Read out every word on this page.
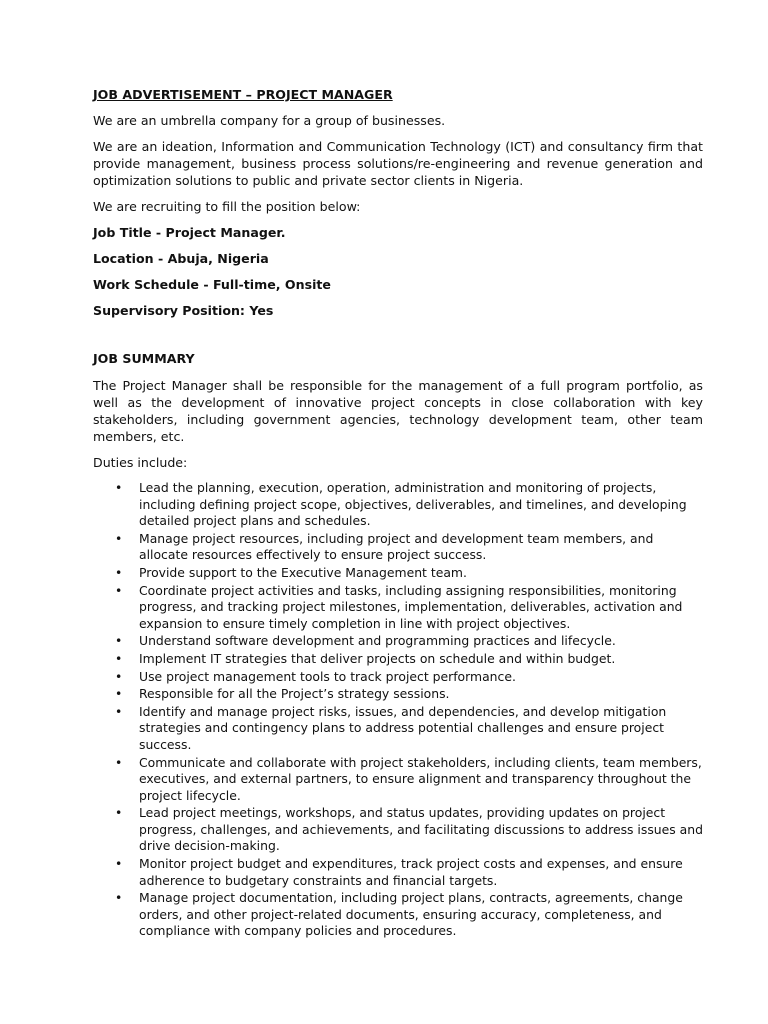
JOB ADVERTISEMENT – PROJECT MANAGER
We are an umbrella company for a group of businesses.
We are an ideation, Information and Communication Technology (ICT) and consultancy firm that provide management, business process solutions/re-engineering and revenue generation and optimization solutions to public and private sector clients in Nigeria.
We are recruiting to fill the position below:
Job Title - Project Manager.
Location - Abuja, Nigeria
Work Schedule - Full-time, Onsite
Supervisory Position: Yes
JOB SUMMARY
The Project Manager shall be responsible for the management of a full program portfolio, as well as the development of innovative project concepts in close collaboration with key stakeholders, including government agencies, technology development team, other team members, etc.
Duties include:
• Lead the planning, execution, operation, administration and monitoring of projects, including defining project scope, objectives, deliverables, and timelines, and developing detailed project plans and schedules.
• Manage project resources, including project and development team members, and allocate resources effectively to ensure project success.
• Provide support to the Executive Management team.
• Coordinate project activities and tasks, including assigning responsibilities, monitoring progress, and tracking project milestones, implementation, deliverables, activation and expansion to ensure timely completion in line with project objectives.
• Understand software development and programming practices and lifecycle.
• Implement IT strategies that deliver projects on schedule and within budget.
• Use project management tools to track project performance.
• Responsible for all the Project’s strategy sessions.
• Identify and manage project risks, issues, and dependencies, and develop mitigation strategies and contingency plans to address potential challenges and ensure project success.
• Communicate and collaborate with project stakeholders, including clients, team members, executives, and external partners, to ensure alignment and transparency throughout the project lifecycle.
• Lead project meetings, workshops, and status updates, providing updates on project progress, challenges, and achievements, and facilitating discussions to address issues and drive decision-making.
• Monitor project budget and expenditures, track project costs and expenses, and ensure adherence to budgetary constraints and financial targets.
• Manage project documentation, including project plans, contracts, agreements, change orders, and other project-related documents, ensuring accuracy, completeness, and compliance with company policies and procedures.
